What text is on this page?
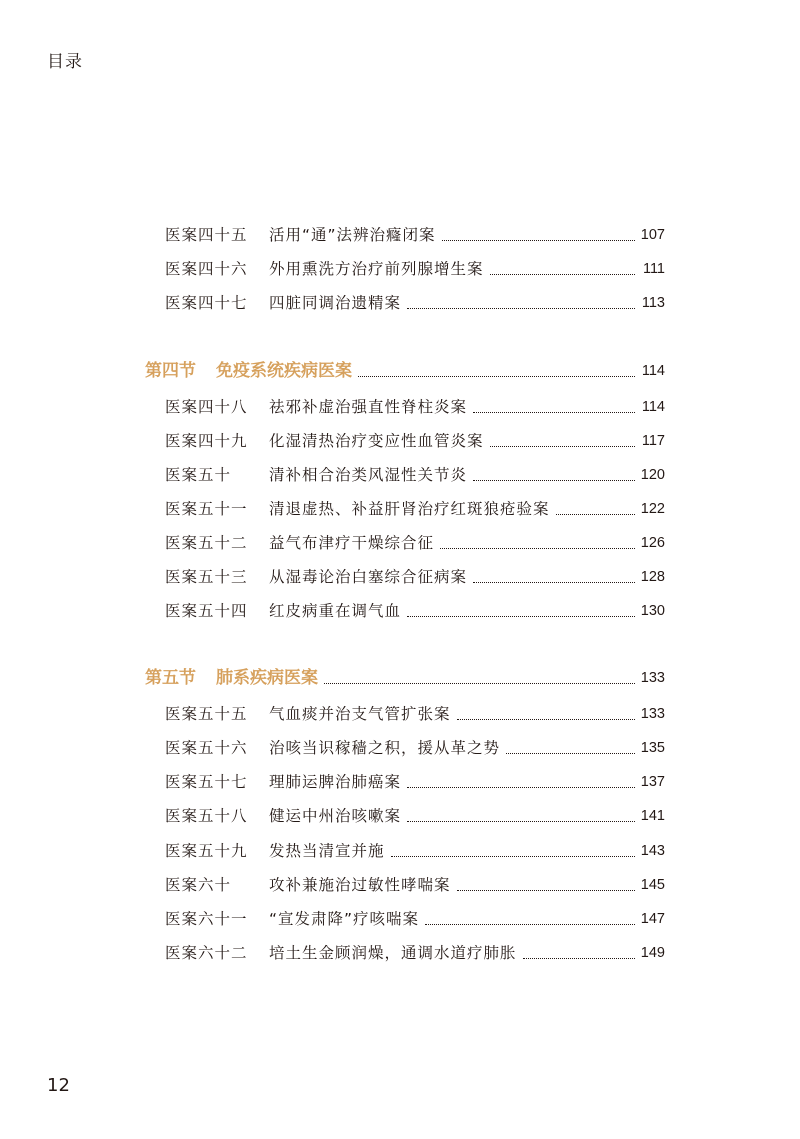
目录
医案四十五	活用“通”法辨治癃闭案	107
医案四十六	外用熏洗方治疗前列腺增生案	111
医案四十七	四脏同调治遗精案	113
第四节 免疫系统疾病医案	114
医案四十八	祛邪补虚治强直性脊柱炎案	114
医案四十九	化湿清热治疗变应性血管炎案	117
医案五十	清补相合治类风湿性关节炎	120
医案五十一	清退虚热、补益肝肾治疗红斑狼疮验案	122
医案五十二	益气布津疗干燥综合征	126
医案五十三	从湿毒论治白塞综合征病案	128
医案五十四	红皮病重在调气血	130
第五节 肺系疾病医案	133
医案五十五	气血痰并治支气管扩张案	133
医案五十六	治咳当识稼穑之积，援从革之势	135
医案五十七	理肺运脾治肺癌案	137
医案五十八	健运中州治咳嗽案	141
医案五十九	发热当清宣并施	143
医案六十	攻补兼施治过敏性哮喘案	145
医案六十一	“宣发肃降”疗咳喘案	147
医案六十二	培土生金顾润燥，通调水道疗肺胀	149
12
